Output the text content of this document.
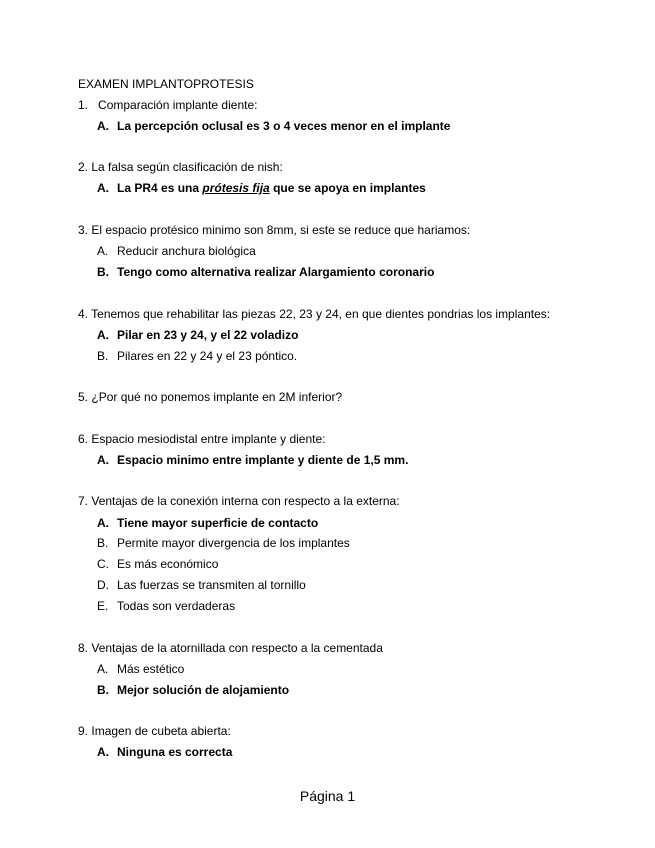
EXAMEN IMPLANTOPROTESIS
1. Comparación implante diente:
A. La percepción oclusal es 3 o 4 veces menor en el implante
2. La falsa según clasificación de nish:
A. La PR4 es una prótesis fija que se apoya en implantes
3. El espacio protésico minimo son 8mm, si este se reduce que hariamos:
A. Reducir anchura biológica
B. Tengo como alternativa realizar Alargamiento coronario
4. Tenemos que rehabilitar las piezas 22, 23 y 24, en que dientes pondrias los implantes:
A. Pilar en 23 y 24, y el 22 voladizo
B. Pilares en 22 y 24 y el 23 póntico.
5. ¿Por qué no ponemos implante en 2M inferior?
6. Espacio mesiodistal entre implante y diente:
A. Espacio minimo entre implante y diente de 1,5 mm.
7. Ventajas de la conexión interna con respecto a la externa:
A. Tiene mayor superficie de contacto
B. Permite mayor divergencia de los implantes
C. Es más económico
D. Las fuerzas se transmiten al tornillo
E. Todas son verdaderas
8. Ventajas de la atornillada con respecto a la cementada
A. Más estético
B. Mejor solución de alojamiento
9. Imagen de cubeta abierta:
A. Ninguna es correcta
Página 1
